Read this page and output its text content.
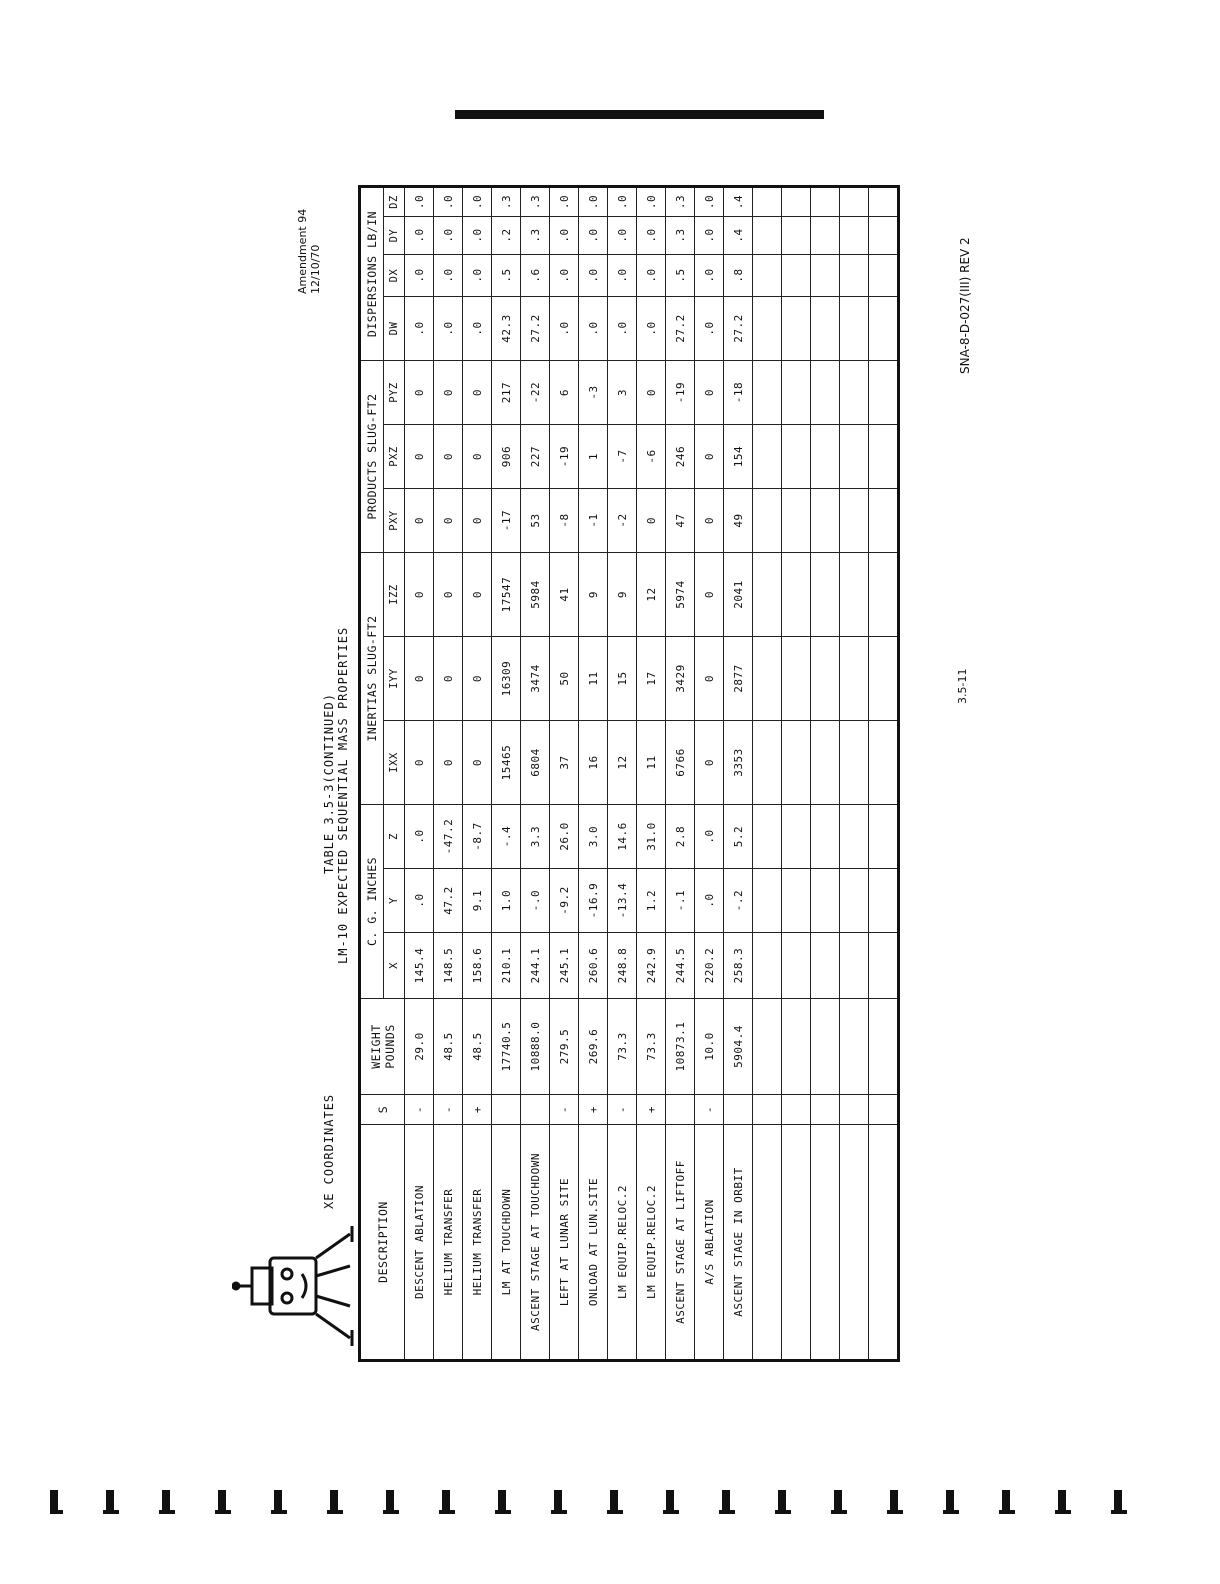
XE COORDINATES
TABLE 3.5-3(CONTINUED) LM-10 EXPECTED SEQUENTIAL MASS PROPERTIES
Amendment 94 12/10/70
DESCRIPTION	S	WEIGHT POUNDS	C. G. INCHES			INERTIAS SLUG-FT2			PRODUCTS SLUG-FT2			DISPERSIONS LB/IN			
			X	Y	Z	IXX	IYY	IZZ	PXY	PXZ	PYZ	DW	DX	DY	DZ
DESCENT ABLATION	-	29.0	145.4	.0	.0	0	0	0	0	0	0	.0	.0	.0	.0
HELIUM TRANSFER	-	48.5	148.5	47.2	-47.2	0	0	0	0	0	0	.0	.0	.0	.0
HELIUM TRANSFER	+	48.5	158.6	9.1	-8.7	0	0	0	0	0	0	.0	.0	.0	.0
LM AT TOUCHDOWN		17740.5	210.1	1.0	-.4	15465	16309	17547	-17	906	217	42.3	.5	.2	.3
ASCENT STAGE AT TOUCHDOWN		10888.0	244.1	-.0	3.3	6804	3474	5984	53	227	-22	27.2	.6	.3	.3
LEFT AT LUNAR SITE	-	279.5	245.1	-9.2	26.0	37	50	41	-8	-19	6	.0	.0	.0	.0
ONLOAD AT LUN.SITE	+	269.6	260.6	-16.9	3.0	16	11	9	-1	1	-3	.0	.0	.0	.0
LM EQUIP.RELOC.2	-	73.3	248.8	-13.4	14.6	12	15	9	-2	-7	3	.0	.0	.0	.0
LM EQUIP.RELOC.2	+	73.3	242.9	1.2	31.0	11	17	12	0	-6	0	.0	.0	.0	.0
ASCENT STAGE AT LIFTOFF		10873.1	244.5	-.1	2.8	6766	3429	5974	47	246	-19	27.2	.5	.3	.3
A/S ABLATION	-	10.0	220.2	.0	.0	0	0	0	0	0	0	.0	.0	.0	.0
ASCENT STAGE IN ORBIT		5904.4	258.3	-.2	5.2	3353	2877	2041	49	154	-18	27.2	.8	.4	.4

3.5-11
SNA-8-D-027(III) REV 2
